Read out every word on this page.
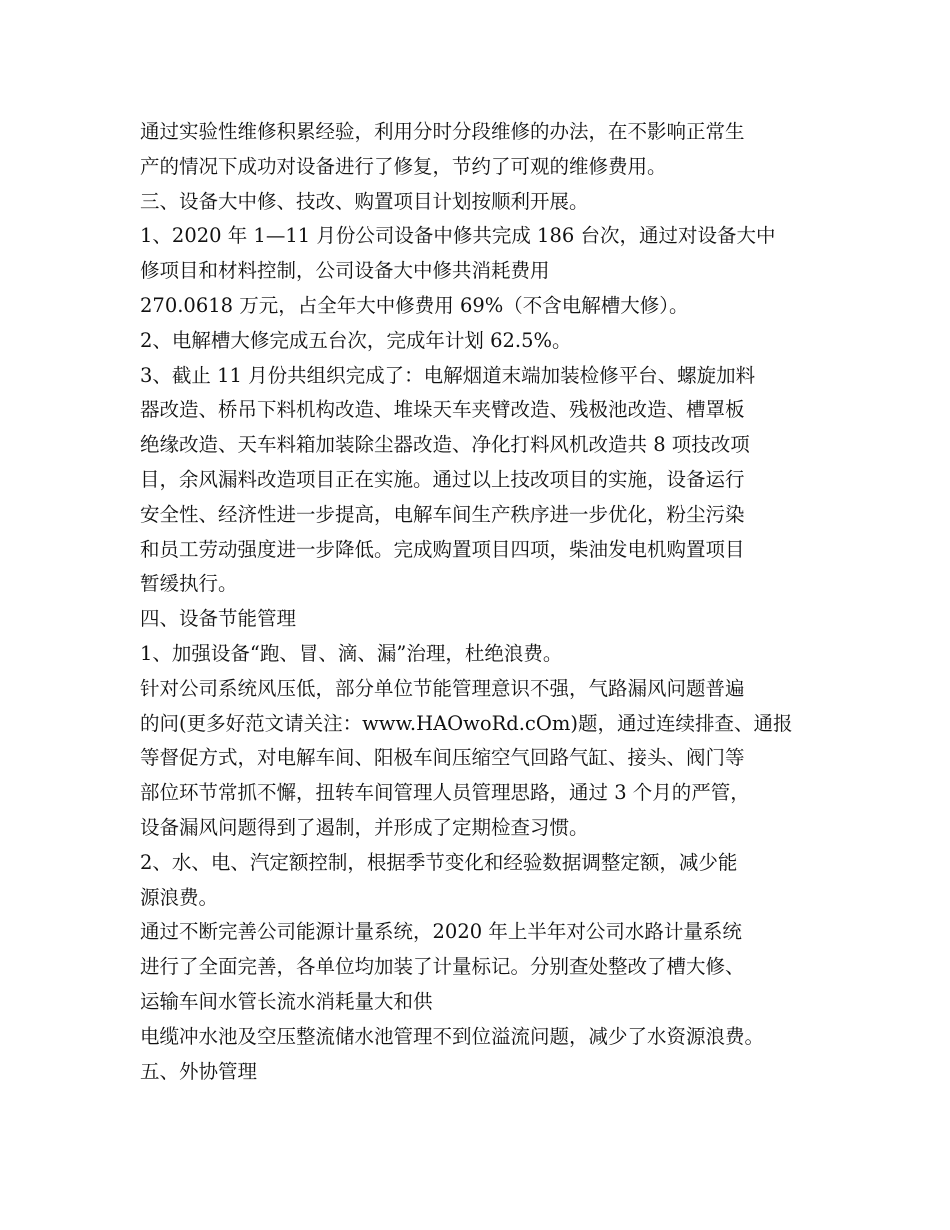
通过实验性维修积累经验，利用分时分段维修的办法，在不影响正常生
产的情况下成功对设备进行了修复，节约了可观的维修费用。
三、设备大中修、技改、购置项目计划按顺利开展。
1、2020 年 1—11 月份公司设备中修共完成 186 台次，通过对设备大中
修项目和材料控制，公司设备大中修共消耗费用
270.0618 万元，占全年大中修费用 69%（不含电解槽大修）。
2、电解槽大修完成五台次，完成年计划 62.5%。
3、截止 11 月份共组织完成了：电解烟道末端加装检修平台、螺旋加料
器改造、桥吊下料机构改造、堆垛天车夹臂改造、残极池改造、槽罩板
绝缘改造、天车料箱加装除尘器改造、净化打料风机改造共 8 项技改项
目，余风漏料改造项目正在实施。通过以上技改项目的实施，设备运行
安全性、经济性进一步提高，电解车间生产秩序进一步优化，粉尘污染
和员工劳动强度进一步降低。完成购置项目四项，柴油发电机购置项目
暂缓执行。
四、设备节能管理
1、加强设备“跑、冒、滴、漏”治理，杜绝浪费。
针对公司系统风压低，部分单位节能管理意识不强，气路漏风问题普遍
的问(更多好范文请关注：www.HAOwoRd.cOm)题，通过连续排查、通报
等督促方式，对电解车间、阳极车间压缩空气回路气缸、接头、阀门等
部位环节常抓不懈，扭转车间管理人员管理思路，通过 3 个月的严管，
设备漏风问题得到了遏制，并形成了定期检查习惯。
2、水、电、汽定额控制，根据季节变化和经验数据调整定额，减少能
源浪费。
通过不断完善公司能源计量系统，2020 年上半年对公司水路计量系统
进行了全面完善，各单位均加装了计量标记。分别查处整改了槽大修、
运输车间水管长流水消耗量大和供
电缆冲水池及空压整流储水池管理不到位溢流问题，减少了水资源浪费。
五、外协管理
